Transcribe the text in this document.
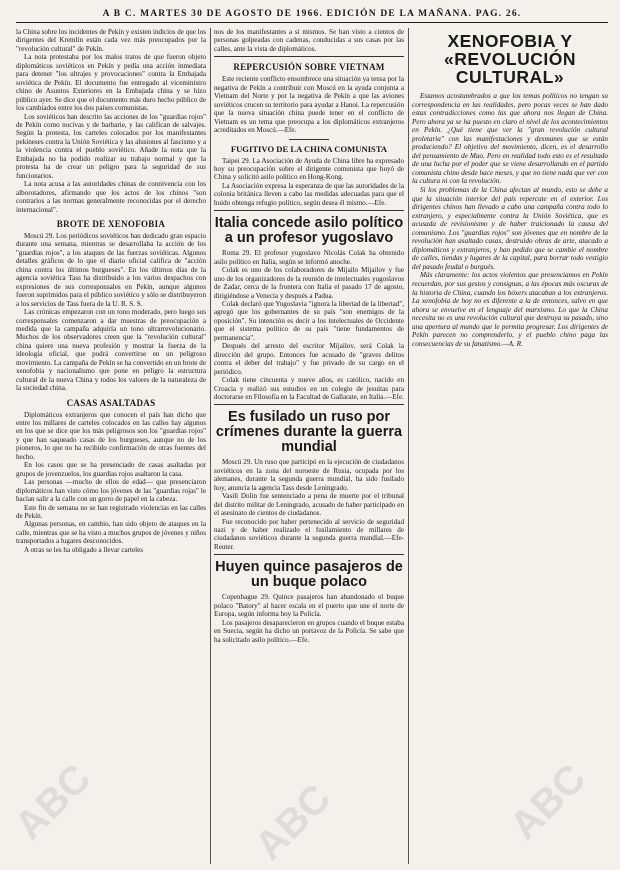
A B C. MARTES 30 DE AGOSTO DE 1966. EDICIÓN DE LA MAÑANA. PAG. 26.

la China sobre los incidentes de Pekín y existen indicios de que los dirigentes del Kremlin están cada vez más preocupados por la "revolución cultural" de Pekín.

La nota protestaba por los malos tratos de que fueron objeto diplomáticos soviéticos en Pekín y pedía una acción inmediata para detener "los ultrajes y provocaciones" contra la Embajada soviética de Pekín. El documento fue entregado al viceministro chino de Asuntos Exteriores en la Embajada china y se hizo público ayer. Se dice que el documento más duro hecho público de los cambiados entre los dos países comunistas.

Los soviéticos han descrito las acciones de los "guardias rojos" de Pekín como nocivas y de barbarie, y las califican de salvajes. Según la protesta, los carteles colocados por los manifestantes pekineses contra la Unión Soviética y las alusiones al fascismo y a la violencia contra el pueblo soviético. Añade la nota que la Embajada no ha podido realizar su trabajo normal y que la protesta ha de crear un peligro para la seguridad de sus funcionarios.

La nota acusa a las autoridades chinas de connivencia con los alborotadores, afirmando que los actos de los chinos "son contrarios a las normas generalmente reconocidas por el derecho internacional".

BROTE DE XENOFOBIA

Moscú 29. Los periódicos soviéticos han dedicado gran espacio durante una semana, mientras se desarrollaba la acción de los "guardias rojos", a los ataques de las fuerzas soviéticas. Algunos detalles gráficos de lo que el diario oficial califica de "acción china contra los últimos burgueses". En los últimos días de la agencia soviética Tass ha distribuido a los varios despachos con expresiones de sus corresponsales en Pekín, aunque algunos fueron suprimidos para el público soviético y sólo se distribuyeron a los servicios de Tass fuera de la U. R. S. S.

Las crónicas empezaron con un tono moderado, pero luego sus corresponsales comenzaron a dar muestras de preocupación a medida que la campaña adquiría un tono ultrarrevolucionario. Muchos de los observadores creen que la "revolución cultural" china quiere una nueva profesión y mostrar la fuerza de la ideología oficial, que podrá convertirse en un peligroso movimiento. La campaña de Pekín se ha convertido en un brote de xenofobia y nacionalismo que pone en peligro la estructura cultural de la nueva China y todos los valores de la naturaleza de la sociedad china.

CASAS ASALTADAS

Diplomáticos extranjeros que conocen el país han dicho que entre los millares de carteles colocados en las calles hay algunos en los que se dice que los más peligrosos son los "guardias rojos" y que han saqueado casas de los burgueses, aunque no de los pioneros, lo que no ha recibido confirmación de otras fuentes del hecho.

En los casos que se ha presenciado de casas asaltadas por grupos de jovenzuelos, los guardias rojos asaltaron la casa.

Las personas —mucho de ellos de edad— que presenciaron diplomáticos han visto cómo los jóvenes de las "guardias rojas" le hacían salir a la calle con un gorro de papel en la cabeza.

Este fin de semana no se han registrado violencias en las calles de Pekín.

Algunas personas, en cambio, han sido objeto de ataques en la calle, mientras que se ha visto a muchos grupos de jóvenes y niños transportados a lugares desconocidos.

A otras se les ha obligado a llevar carteles

nos de los manifestantes a sí mismos. Se han visto a cientos de personas golpeadas con cadenas, conducidas a sus casas por las calles, ante la vista de diplomáticos.

REPERCUSIÓN SOBRE VIETNAM

Este reciente conflicto ensombrece una situación ya tensa por la negativa de Pekín a contribuir con Moscú en la ayuda conjunta a Vietnam del Norte y por la negativa de Pekín a que las aviones soviéticos crucen su territorio para ayudar a Hanoi. La repercusión que la nueva situación china puede tener en el conflicto de Vietnam es un tema que preocupa a los diplomáticos extranjeros acreditados en Moscú.—Efe.

FUGITIVO DE LA CHINA COMUNISTA

Taipei 29. La Asociación de Ayuda de China libre ha expresado hoy su preocupación sobre el dirigente comunista que huyó de China y solicitó asilo político en Hong-Kong.

La Asociación expresa la esperanza de que las autoridades de la colonia británica lleven a cabo las medidas adecuadas para que el huido obtenga refugio político, según desea él mismo.—Efe.

Italia concede asilo político a un profesor yugoslavo

Roma 29. El profesor yugoslavo Nicolás Colak ha obtenido asilo político en Italia, según se informó anoche.

Colak es uno de los colaboradores de Mijailo Mijailov y fue uno de los organizadores de la reunión de intelectuales yugoslavos de Zadar, cerca de la frontera con Italia el pasado 17 de agosto, dirigiéndose a Venecia y después a Padua.

Colak declaró que Yugoslavia "ignora la libertad de la libertad", agregó que los gobernantes de su país "son enemigos de la oposición". Su intención es decir a los intelectuales de Occidente que el sistema político de su país "tiene fundamentos de permanencia".

Después del arresto del escritor Mijailov, será Colak la dirección del grupo. Entonces fue acusado de "graves delitos contra el deber del trabajo" y fue privado de su cargo en el periódico.

Colak tiene cincuenta y nueve años, es católico, nacido en Croacia y realizó sus estudios en un colegio de jesuitas para doctorarse en Filosofía en la Facultad de Gallarate, en Italia.—Efe.

Es fusilado un ruso por crímenes durante la guerra mundial

Moscú 29. Un ruso que participó en la ejecución de ciudadanos soviéticos en la zona del noroeste de Rusia, ocupada por los alemanes, durante la segunda guerra mundial, ha sido fusilado hoy, anuncia la agencia Tass desde Leningrado.

Vasili Dolin fue sentenciado a pena de muerte por el tribunal del distrito militar de Leningrado, acusado de haber participado en el asesinato de cientos de ciudadanos.

Fue reconocido por haber pertenecido al servicio de seguridad nazi y de haber realizado el fusilamiento de millares de ciudadanos soviéticos durante la segunda guerra mundial.—Efe-Reuter.

Huyen quince pasajeros de un buque polaco

Copenhague 29. Quince pasajeros han abandonado el buque polaco "Batory" al hacer escala en el puerto que une el norte de Europa, según informa hoy la Policía.

Los pasajeros desaparecieron en grupos cuando el buque estaba en Suecia, según ha dicho un portavoz de la Policía. Se sabe que ha solicitado asilo político.—Efe.

XENOFOBIA Y «REVOLUCIÓN CULTURAL»

Estamos acostumbrados a que los temas políticos no tengan su correspondencia en las realidades, pero pocas veces se han dado estas contradicciones como las que ahora nos llegan de China. Pero ahora ya se ha puesto en claro el nivel de los acontecimientos en Pekín. ¿Qué tiene que ver la "gran revolución cultural proletaria" con las manifestaciones y desmanes que se están produciendo? El objetivo del movimiento, dicen, es el desarrollo del pensamiento de Mao. Pero en realidad todo esto es el resultado de una lucha por el poder que se viene desarrollando en el partido comunista chino desde hace meses, y que no tiene nada que ver con la cultura ni con la revolución.

Si los problemas de la China afectan al mundo, esto se debe a que la situación interior del país repercute en el exterior. Los dirigentes chinos han llevado a cabo una campaña contra todo lo extranjero, y especialmente contra la Unión Soviética, que es acusada de revisionismo y de haber traicionado la causa del comunismo. Los "guardias rojos" son jóvenes que en nombre de la revolución han asaltado casas, destruido obras de arte, atacado a diplomáticos y extranjeros, y han pedido que se cambie el nombre de calles, tiendas y lugares de la capital, para borrar todo vestigio del pasado feudal o burgués.

Más claramente: los actos violentos que presenciamos en Pekín recuerdan, por sus gestos y consignas, a las épocas más oscuras de la historia de China, cuando los bóxers atacaban a los extranjeros. La xenofobia de hoy no es diferente a la de entonces, salvo en que ahora se envuelve en el lenguaje del marxismo. Lo que la China necesita no es una revolución cultural que destruya su pasado, sino una apertura al mundo que le permita progresar. Los dirigentes de Pekín parecen no comprenderlo, y el pueblo chino paga las consecuencias de su fanatismo.—A. R.

ABC	ABC	ABC
